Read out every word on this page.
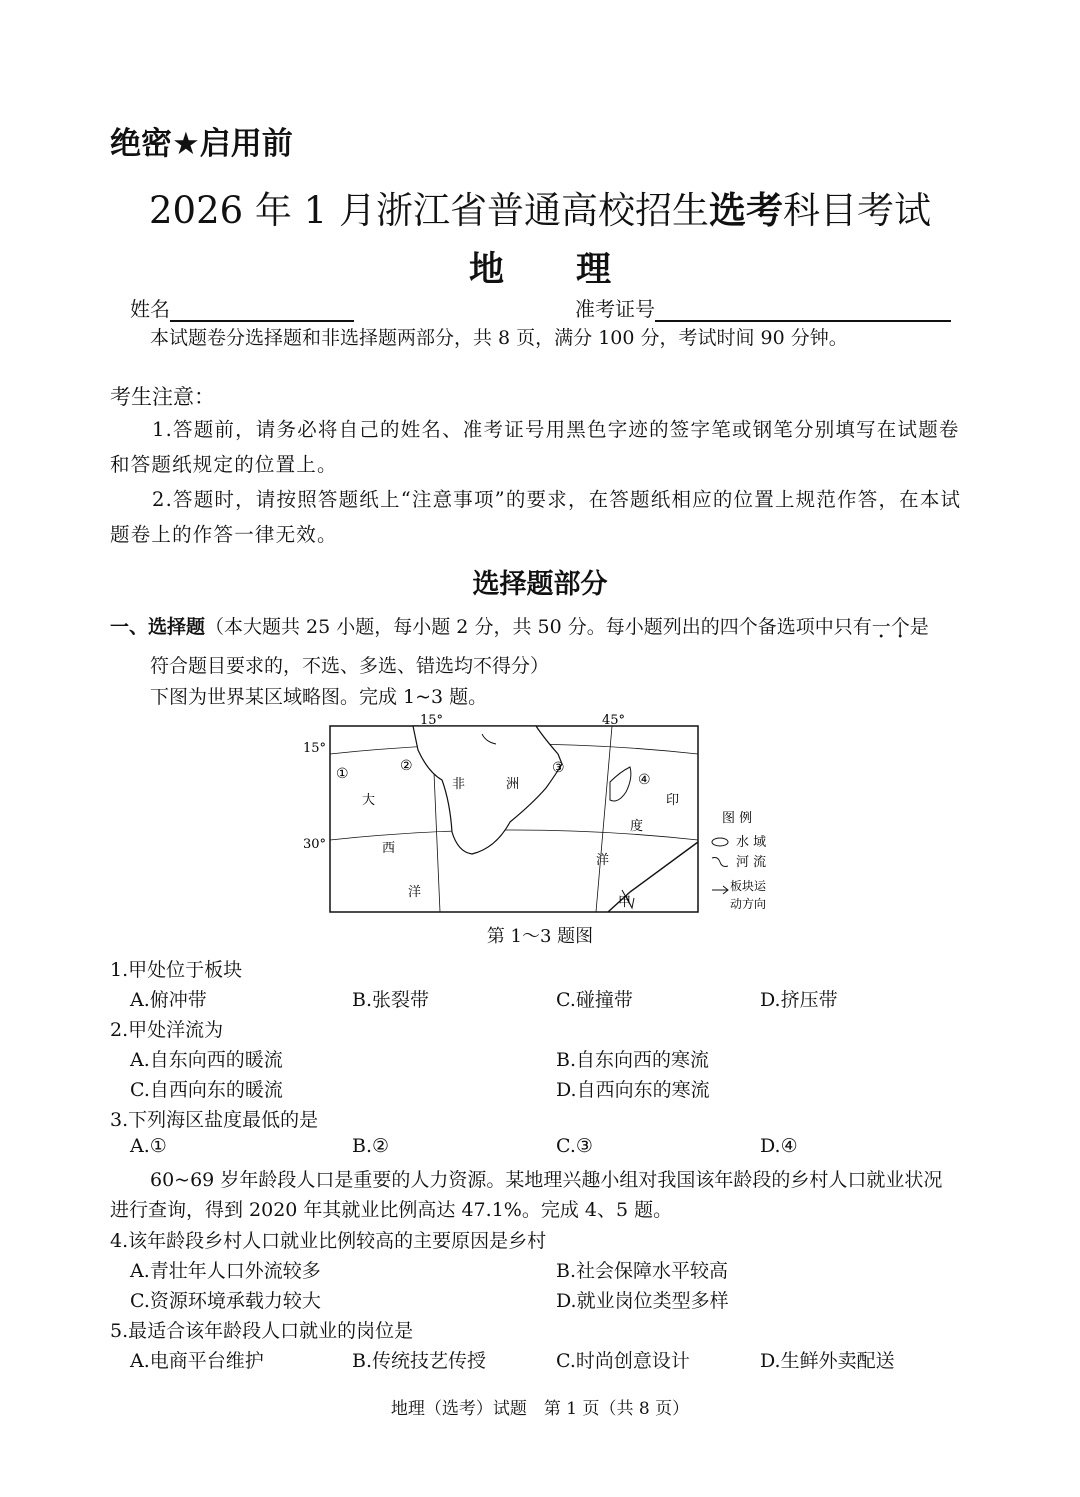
绝密★启用前
2026 年 1 月浙江省普通高校招生选考科目考试
地理
姓名	准考证号
本试题卷分选择题和非选择题两部分，共 8 页，满分 100 分，考试时间 90 分钟。
考生注意：
1.答题前，请务必将自己的姓名、准考证号用黑色字迹的签字笔或钢笔分别填写在试题卷和答题纸规定的位置上。
2.答题时，请按照答题纸上“注意事项”的要求，在答题纸相应的位置上规范作答，在本试题卷上的作答一律无效。
选择题部分
一、选择题（本大题共 25 小题，每小题 2 分，共 50 分。每小题列出的四个备选项中只有一个是
符合题目要求的，不选、多选、错选均不得分）
下图为世界某区域略图。完成 1~3 题。
15°
30°
15°	45°
①	②	③
④
大
西
洋
非	洲
印
度
洋
甲
图 例
水 域
河 流
板块运
动方向
第 1～3 题图
1.甲处位于板块
A.俯冲带	B.张裂带	C.碰撞带	D.挤压带
2.甲处洋流为
A.自东向西的暖流	B.自东向西的寒流
C.自西向东的暖流	D.自西向东的寒流
3.下列海区盐度最低的是
A.①	B.②	C.③	D.④
60~69 岁年龄段人口是重要的人力资源。某地理兴趣小组对我国该年龄段的乡村人口就业状况
进行查询，得到 2020 年其就业比例高达 47.1%。完成 4、5 题。
4.该年龄段乡村人口就业比例较高的主要原因是乡村
A.青壮年人口外流较多	B.社会保障水平较高
C.资源环境承载力较大	D.就业岗位类型多样
5.最适合该年龄段人口就业的岗位是
A.电商平台维护	B.传统技艺传授	C.时尚创意设计	D.生鲜外卖配送
地理（选考）试题　第 1 页（共 8 页）
